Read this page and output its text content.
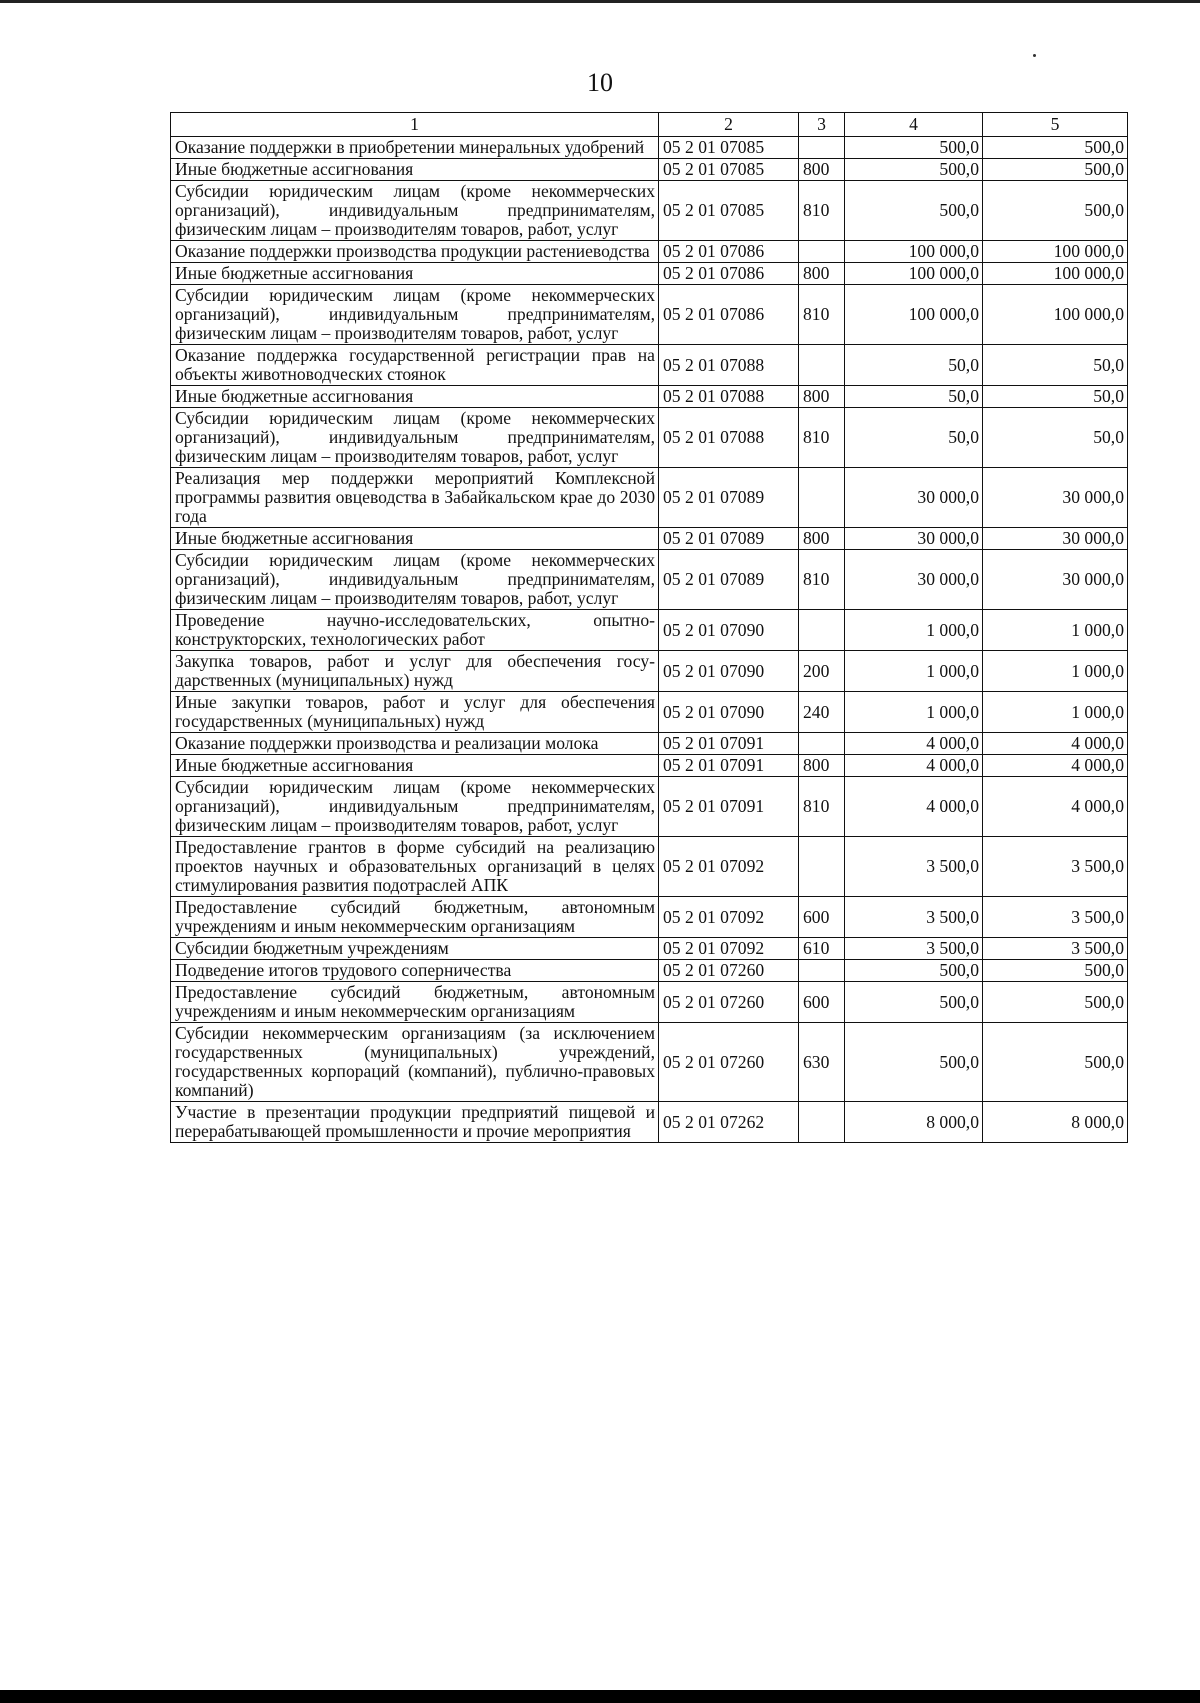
10
1	2	3	4	5
Оказание поддержки в приобретении минеральных удобрений	05 2 01 07085		500,0	500,0
Иные бюджетные ассигнования	05 2 01 07085	800	500,0	500,0
Субсидии юридическим лицам (кроме некоммерческих организаций), индивидуальным предпринимателям, физическим лицам – производителям товаров, работ, услуг	05 2 01 07085	810	500,0	500,0
Оказание поддержки производства продукции растениеводства	05 2 01 07086		100 000,0	100 000,0
Иные бюджетные ассигнования	05 2 01 07086	800	100 000,0	100 000,0
Субсидии юридическим лицам (кроме некоммерческих организаций), индивидуальным предпринимателям, физическим лицам – производителям товаров, работ, услуг	05 2 01 07086	810	100 000,0	100 000,0
Оказание поддержка государственной регистрации прав на объекты животноводческих стоянок	05 2 01 07088		50,0	50,0
Иные бюджетные ассигнования	05 2 01 07088	800	50,0	50,0
Субсидии юридическим лицам (кроме некоммерческих организаций), индивидуальным предпринимателям, физическим лицам – производителям товаров, работ, услуг	05 2 01 07088	810	50,0	50,0
Реализация мер поддержки мероприятий Комплексной программы развития овцеводства в Забайкальском крае до 2030 года	05 2 01 07089		30 000,0	30 000,0
Иные бюджетные ассигнования	05 2 01 07089	800	30 000,0	30 000,0
Субсидии юридическим лицам (кроме некоммерческих организаций), индивидуальным предпринимателям, физическим лицам – производителям товаров, работ, услуг	05 2 01 07089	810	30 000,0	30 000,0
Проведение научно-исследовательских, опытно-конструкторских, технологических работ	05 2 01 07090		1 000,0	1 000,0
Закупка товаров, работ и услуг для обеспечения государственных (муниципальных) нужд	05 2 01 07090	200	1 000,0	1 000,0
Иные закупки товаров, работ и услуг для обеспечения государственных (муниципальных) нужд	05 2 01 07090	240	1 000,0	1 000,0
Оказание поддержки производства и реализации молока	05 2 01 07091		4 000,0	4 000,0
Иные бюджетные ассигнования	05 2 01 07091	800	4 000,0	4 000,0
Субсидии юридическим лицам (кроме некоммерческих организаций), индивидуальным предпринимателям, физическим лицам – производителям товаров, работ, услуг	05 2 01 07091	810	4 000,0	4 000,0
Предоставление грантов в форме субсидий на реализацию проектов научных и образовательных организаций в целях стимулирования развития подотраслей АПК	05 2 01 07092		3 500,0	3 500,0
Предоставление субсидий бюджетным, автономным учреждениям и иным некоммерческим организациям	05 2 01 07092	600	3 500,0	3 500,0
Субсидии бюджетным учреждениям	05 2 01 07092	610	3 500,0	3 500,0
Подведение итогов трудового соперничества	05 2 01 07260		500,0	500,0
Предоставление субсидий бюджетным, автономным учреждениям и иным некоммерческим организациям	05 2 01 07260	600	500,0	500,0
Субсидии некоммерческим организациям (за исключением государственных (муниципальных) учреждений, государственных корпораций (компаний), публично-правовых компаний)	05 2 01 07260	630	500,0	500,0
Участие в презентации продукции предприятий пищевой и перерабатывающей промышленности и прочие мероприятия	05 2 01 07262		8 000,0	8 000,0
